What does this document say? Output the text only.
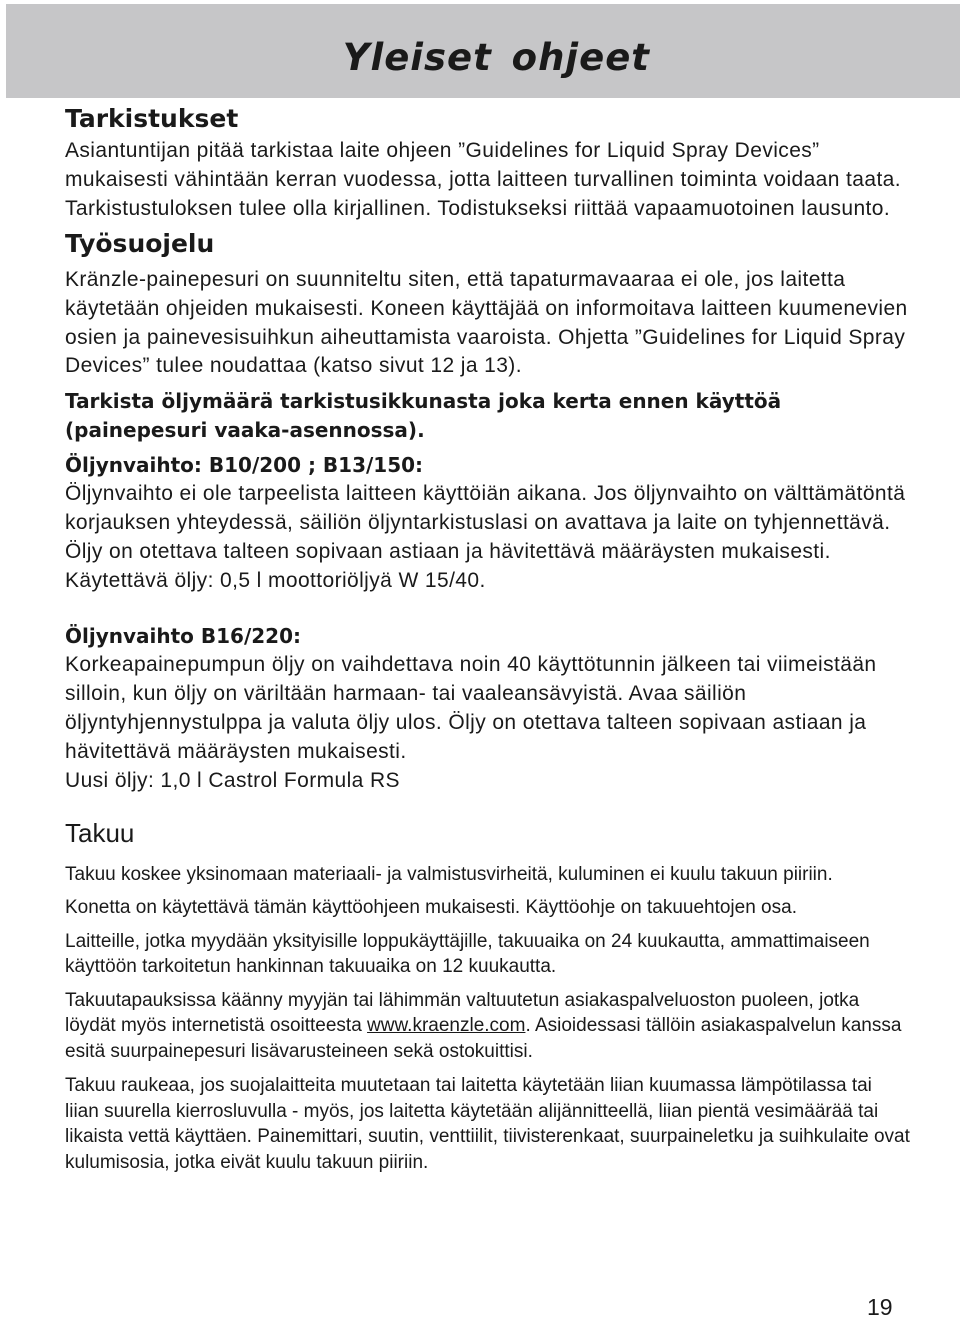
Yleiset ohjeet
Tarkistukset

Asiantuntijan pitää tarkistaa laite ohjeen ”Guidelines for Liquid Spray Devices” mukaisesti vähintään kerran vuodessa, jotta laitteen turvallinen toiminta voidaan taata. Tarkistustuloksen tulee olla kirjallinen. Todistukseksi riittää vapaamuotoinen lausunto.

Työsuojelu

Kränzle-painepesuri on suunniteltu siten, että tapaturmavaaraa ei ole, jos laitetta käytetään ohjeiden mukaisesti. Koneen käyttäjää on informoitava laitteen kuumenevien osien ja painevesisuihkun aiheuttamista vaaroista. Ohjetta ”Guidelines for Liquid Spray Devices” tulee noudattaa (katso sivut 12 ja 13).

Tarkista öljymäärä tarkistusikkunasta joka kerta ennen käyttöä (painepesuri vaaka-asennossa).

Öljynvaihto: B10/200 ; B13/150:

Öljynvaihto ei ole tarpeelista laitteen käyttöiän aikana. Jos öljynvaihto on välttämätöntä korjauksen yhteydessä, säiliön öljyntarkistuslasi on avattava ja laite on tyhjennettävä. Öljy on otettava talteen sopivaan astiaan ja hävitettävä määräysten mukaisesti.

Käytettävä öljy: 0,5 l moottoriöljyä W 15/40.

Öljynvaihto B16/220:

Korkeapainepumpun öljy on vaihdettava noin 40 käyttötunnin jälkeen tai viimeistään silloin, kun öljy on väriltään harmaan- tai vaaleansävyistä. Avaa säiliön öljyntyhjennystulppa ja valuta öljy ulos. Öljy on otettava talteen sopivaan astiaan ja hävitettävä määräysten mukaisesti.

Uusi öljy: 1,0 l Castrol Formula RS

Takuu

Takuu koskee yksinomaan materiaali- ja valmistusvirheitä, kuluminen ei kuulu takuun piiriin.

Konetta on käytettävä tämän käyttöohjeen mukaisesti. Käyttöohje on takuuehtojen osa.

Laitteille, jotka myydään yksityisille loppukäyttäjille, takuuaika on 24 kuukautta, ammattimaiseen käyttöön tarkoitetun hankinnan takuuaika on 12 kuukautta.

Takuutapauksissa käänny myyjän tai lähimmän valtuutetun asiakaspalveluoston puoleen, jotka löydät myös internetistä osoitteesta www.kraenzle.com. Asioidessasi tällöin asiakaspalvelun kanssa esitä suurpainepesuri lisävarusteineen sekä ostokuittisi.

Takuu raukeaa, jos suojalaitteita muutetaan tai laitetta käytetään liian kuumassa lämpötilassa tai liian suurella kierrosluvulla - myös, jos laitetta käytetään alijännitteellä, liian pientä vesimäärää tai likaista vettä käyttäen. Painemittari, suutin, venttiilit, tiivisterenkaat, suurpaineletku ja suihkulaite ovat kulumisosia, jotka eivät kuulu takuun piiriin.

19
